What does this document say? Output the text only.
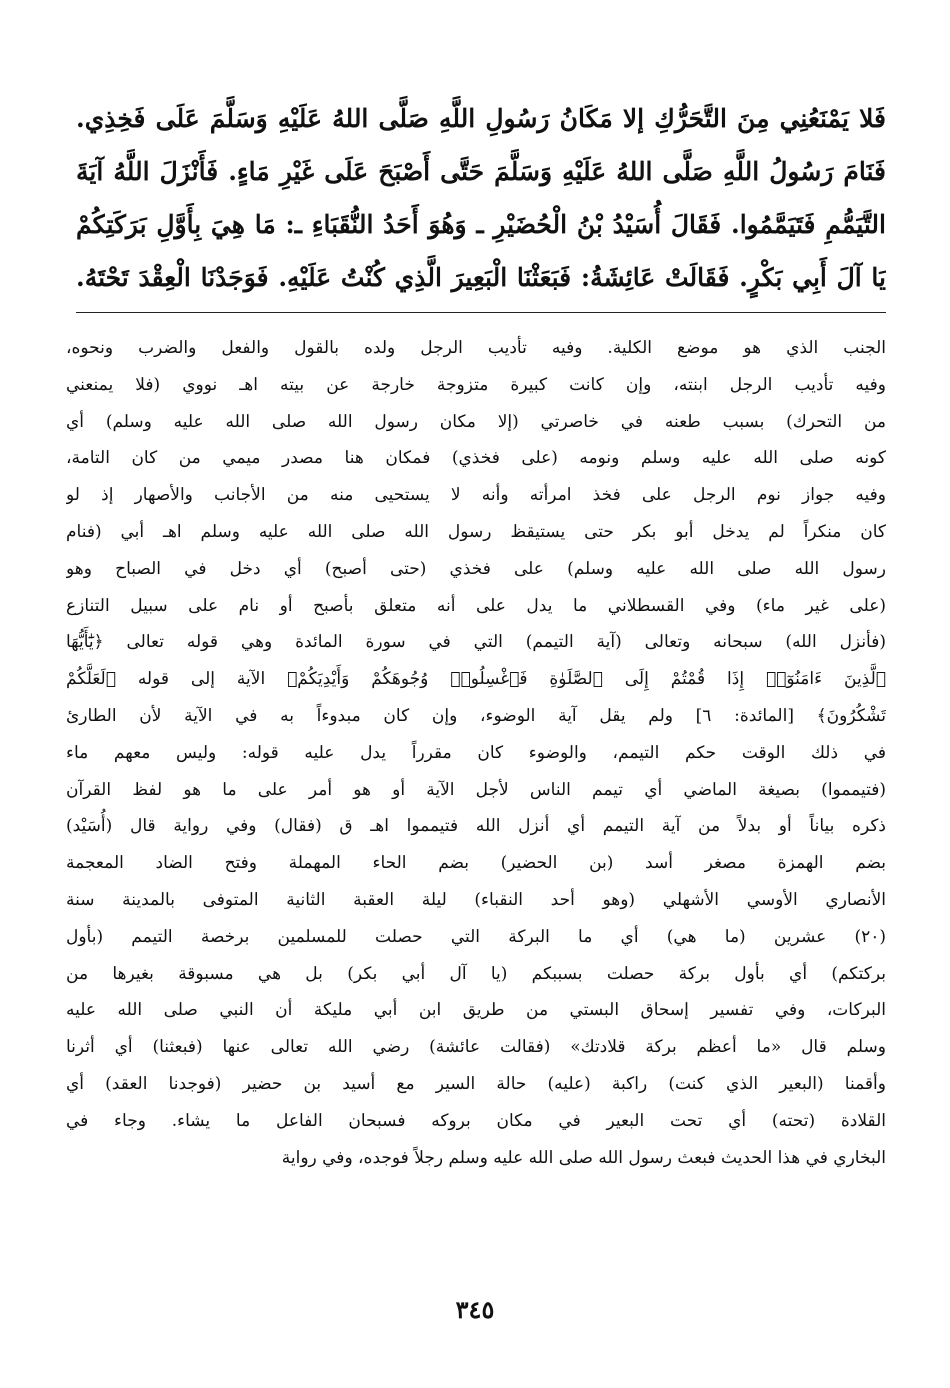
فَلا يَمْنَعُنِي مِنَ التَّحَرُّكِ إلا مَكَانُ رَسُولِ اللَّهِ صَلَّى اللهُ عَلَيْهِ وَسَلَّمَ عَلَى فَخِذِي.
فَنَامَ رَسُولُ اللَّهِ صَلَّى اللهُ عَلَيْهِ وَسَلَّمَ حَتَّى أَصْبَحَ عَلَى غَيْرِ مَاءٍ. فَأَنْزَلَ اللَّهُ آيَةَ
التَّيَمُّمِ فَتَيَمَّمُوا. فَقَالَ أُسَيْدُ بْنُ الْحُضَيْرِ ـ وَهُوَ أَحَدُ النُّقَبَاءِ ـ: مَا هِيَ بِأَوَّلِ بَرَكَتِكُمْ
يَا آلَ أَبِي بَكْرٍ. فَقَالَتْ عَائِشَةُ: فَبَعَثْنَا الْبَعِيرَ الَّذِي كُنْتُ عَلَيْهِ. فَوَجَدْنَا الْعِقْدَ تَحْتَهُ.
الجنب الذي هو موضع الكلية. وفيه تأديب الرجل ولده بالقول والفعل والضرب ونحوه،
وفيه تأديب الرجل ابنته، وإن كانت كبيرة متزوجة خارجة عن بيته اهـ نووي (فلا يمنعني
من التحرك) بسبب طعنه في خاصرتي (إلا مكان رسول الله صلى الله عليه وسلم) أي
كونه صلى الله عليه وسلم ونومه (على فخذي) فمكان هنا مصدر ميمي من كان التامة،
وفيه جواز نوم الرجل على فخذ امرأته وأنه لا يستحيى منه من الأجانب والأصهار إذ لو
كان منكراً لم يدخل أبو بكر حتى يستيقظ رسول الله صلى الله عليه وسلم اهـ أبي (فنام
رسول الله صلى الله عليه وسلم) على فخذي (حتى أصبح) أي دخل في الصباح وهو
(على غير ماء) وفي القسطلاني ما يدل على أنه متعلق بأصبح أو نام على سبيل التنازع
(فأنزل الله) سبحانه وتعالى (آية التيمم) التي في سورة المائدة وهي قوله تعالى ﴿يَٰٓأَيُّهَا
ٱلَّذِينَ ءَامَنُوٓا۟ إِذَا قُمْتُمْ إِلَى ٱلصَّلَوٰةِ فَٱغْسِلُوا۟ وُجُوهَكُمْ وَأَيْدِيَكُمْ﴾ الآية إلى قوله ﴿لَعَلَّكُمْ
تَشْكُرُونَ﴾ [المائدة: ٦] ولم يقل آية الوضوء، وإن كان مبدوءاً به في الآية لأن الطارئ
في ذلك الوقت حكم التيمم، والوضوء كان مقرراً يدل عليه قوله: وليس معهم ماء
(فتيمموا) بصيغة الماضي أي تيمم الناس لأجل الآية أو هو أمر على ما هو لفظ القرآن
ذكره بياناً أو بدلاً من آية التيمم أي أنزل الله فتيمموا اهـ ق (فقال) وفي رواية قال (أُسَيْد)
بضم الهمزة مصغر أسد (بن الحضير) بضم الحاء المهملة وفتح الضاد المعجمة
الأنصاري الأوسي الأشهلي (وهو أحد النقباء) ليلة العقبة الثانية المتوفى بالمدينة سنة
(٢٠) عشرين (ما هي) أي ما البركة التي حصلت للمسلمين برخصة التيمم (بأول
بركتكم) أي بأول بركة حصلت بسببكم (يا آل أبي بكر) بل هي مسبوقة بغيرها من
البركات، وفي تفسير إسحاق البستي من طريق ابن أبي مليكة أن النبي صلى الله عليه
وسلم قال «ما أعظم بركة قلادتك» (فقالت عائشة) رضي الله تعالى عنها (فبعثنا) أي أثرنا
وأقمنا (البعير الذي كنت) راكبة (عليه) حالة السير مع أسيد بن حضير (فوجدنا العقد) أي
القلادة (تحته) أي تحت البعير في مكان بروكه فسبحان الفاعل ما يشاء. وجاء في
البخاري في هذا الحديث فبعث رسول الله صلى الله عليه وسلم رجلاً فوجده، وفي رواية
٣٤٥
